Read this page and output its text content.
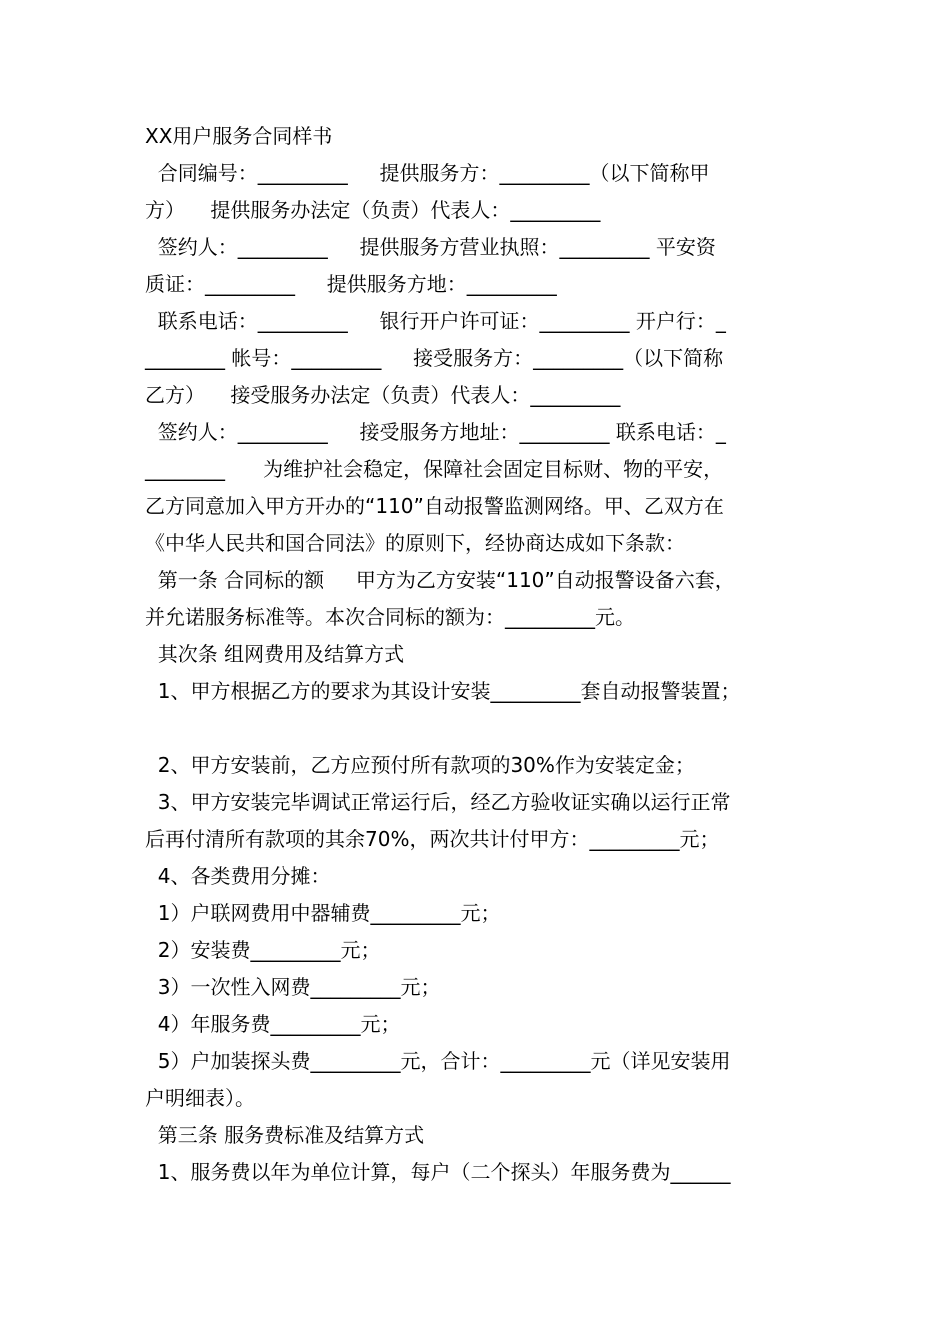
XX用户服务合同样书
合同编号：_________     提供服务方：_________（以下简称甲
方）    提供服务办法定（负责）代表人：_________
签约人：_________     提供服务方营业执照：_________ 平安资
质证：_________     提供服务方地：_________
联系电话：_________     银行开户许可证：_________ 开户行：_
________ 帐号：_________     接受服务方：_________（以下简称
乙方）    接受服务办法定（负责）代表人：_________
签约人：_________     接受服务方地址：_________ 联系电话：_
________      为维护社会稳定，保障社会固定目标财、物的平安，
乙方同意加入甲方开办的“110”自动报警监测网络。甲、乙双方在
《中华人民共和国合同法》的原则下，经协商达成如下条款：
第一条 合同标的额     甲方为乙方安装“110”自动报警设备六套，
并允诺服务标准等。本次合同标的额为：_________元。
其次条 组网费用及结算方式
1、甲方根据乙方的要求为其设计安装_________套自动报警装置；
2、甲方安装前，乙方应预付所有款项的30%作为安装定金；
3、甲方安装完毕调试正常运行后，经乙方验收证实确以运行正常
后再付清所有款项的其余70%，两次共计付甲方：_________元；
4、各类费用分摊：
1）户联网费用中器辅费_________元；
2）安装费_________元；
3）一次性入网费_________元；
4）年服务费_________元；
5）户加装探头费_________元，合计：_________元（详见安装用
户明细表）。
第三条 服务费标准及结算方式
1、服务费以年为单位计算，每户（二个探头）年服务费为______
